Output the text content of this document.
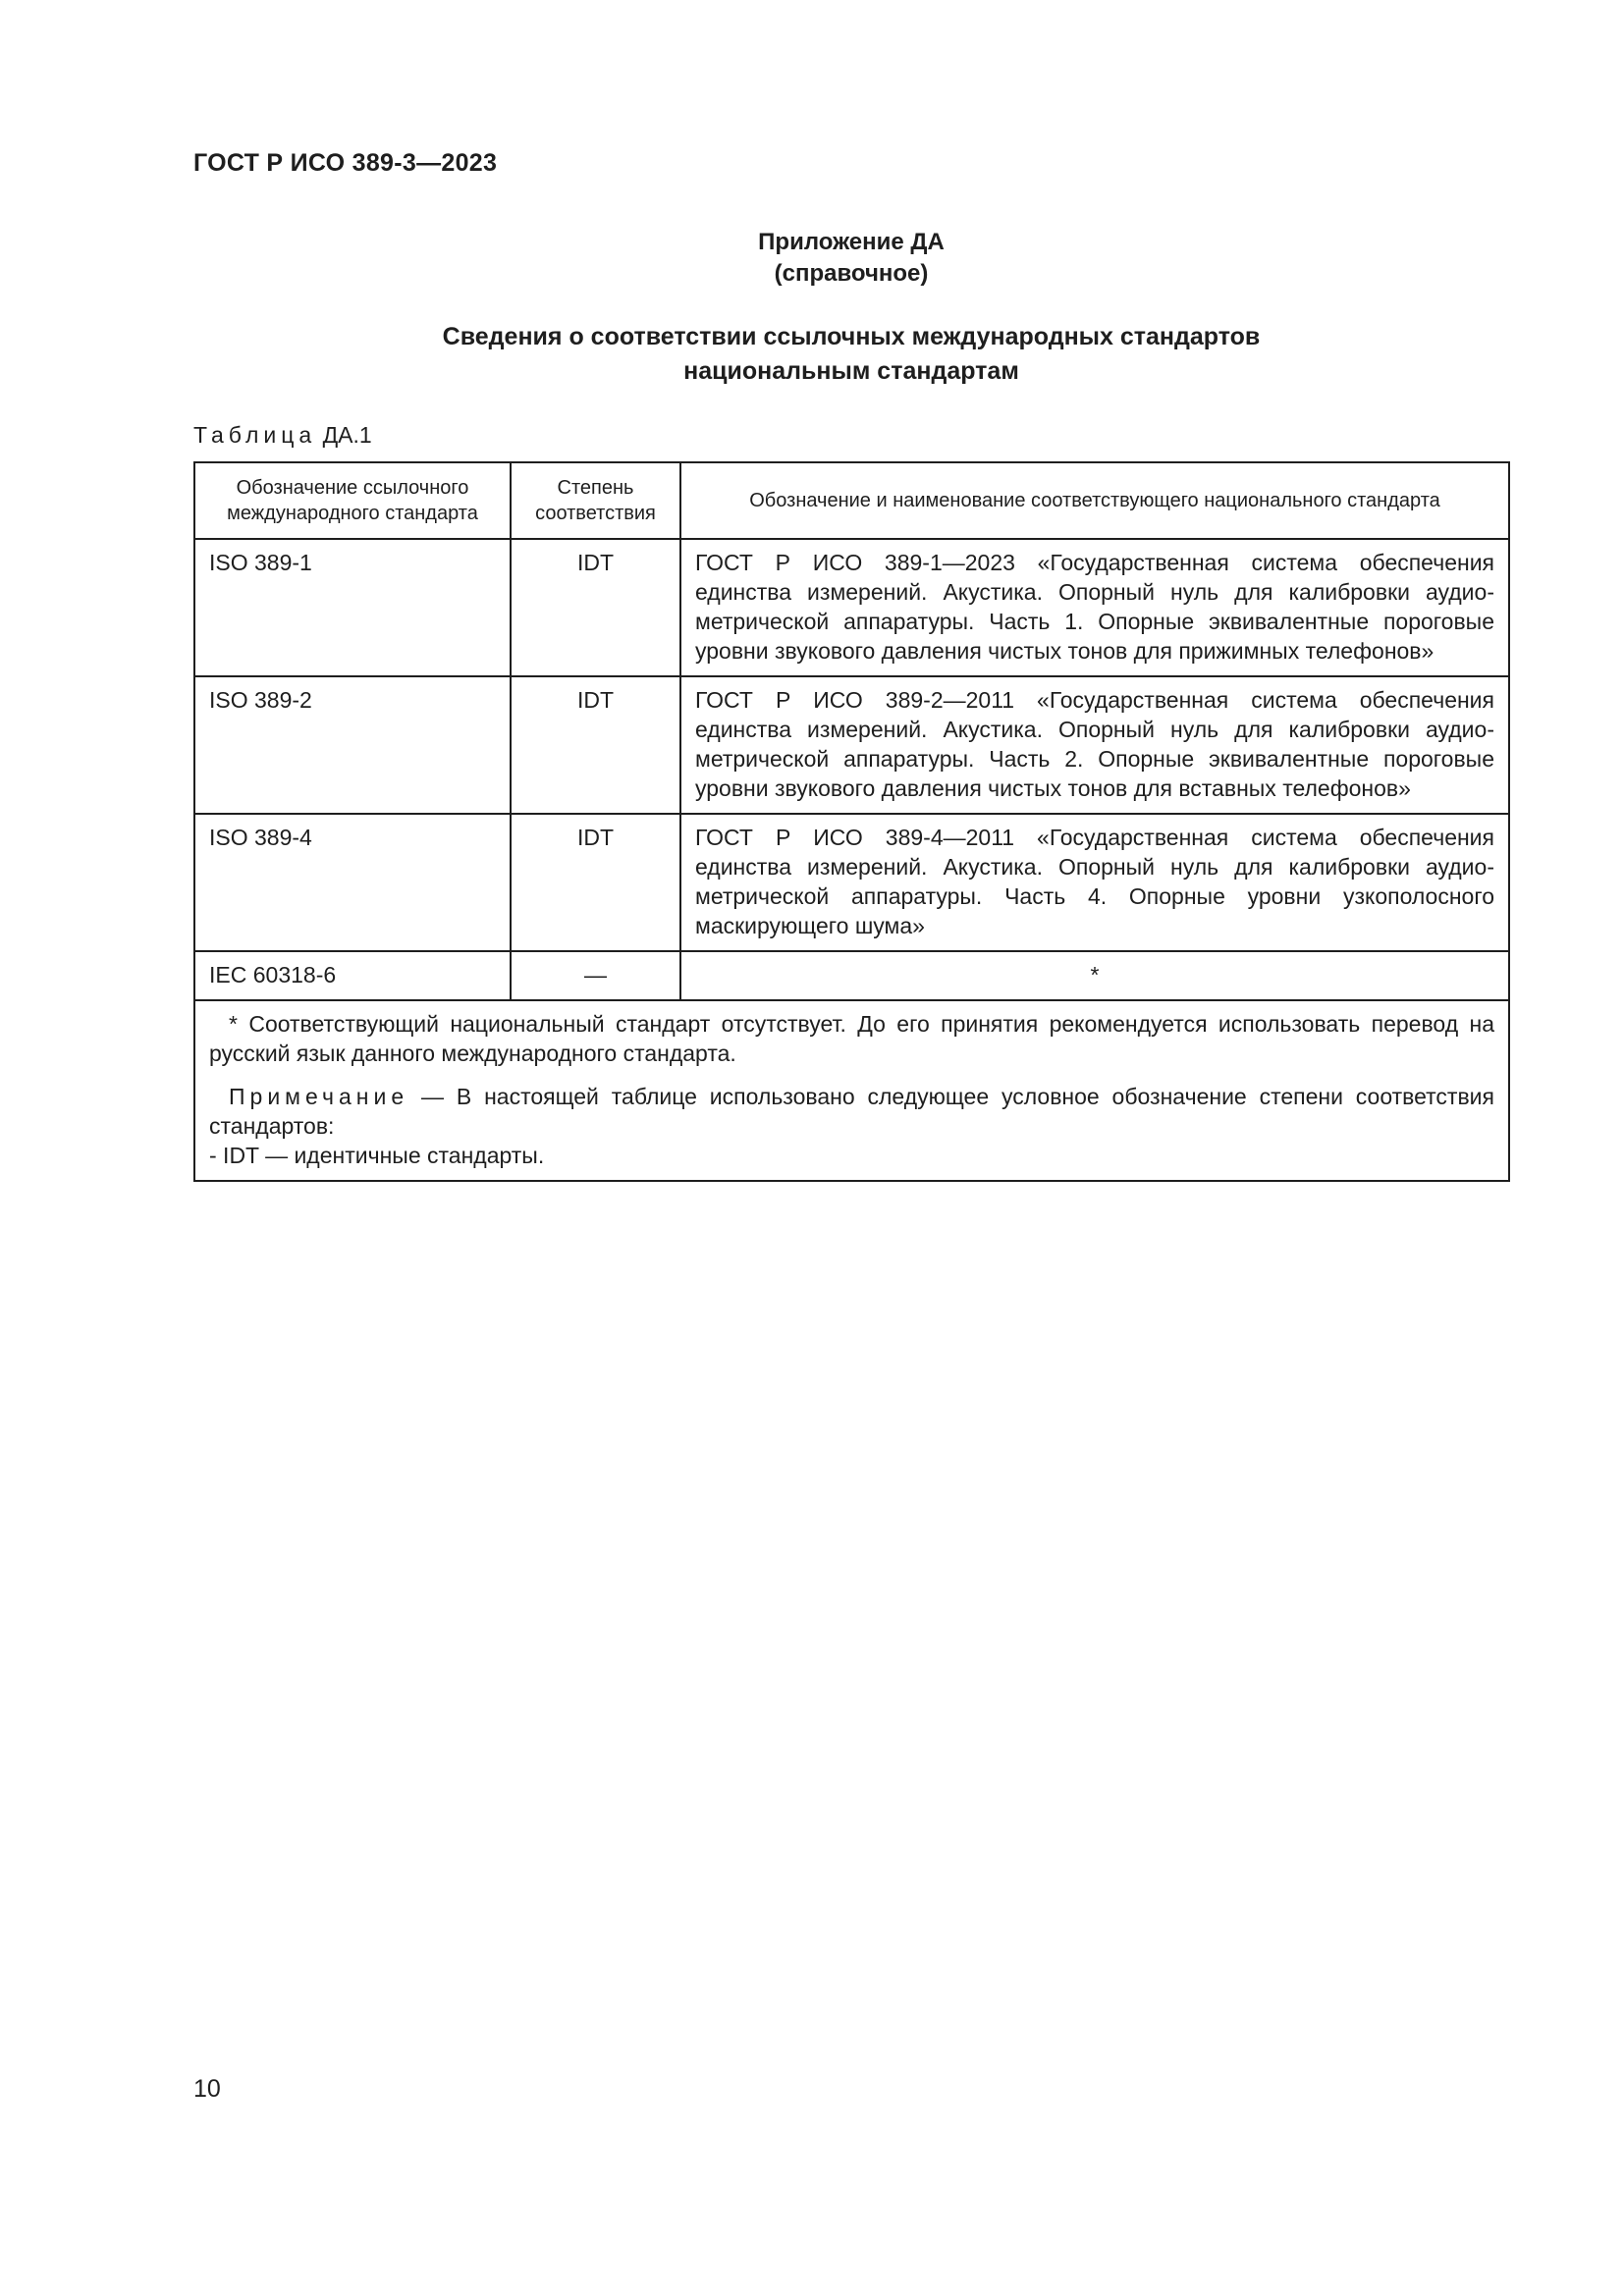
ГОСТ Р ИСО 389-3—2023

Приложение ДА

(справочное)

Сведения о соответствии ссылочных международных стандартов
национальным стандартам

Таблица ДА.1

Обозначение ссылочного международного стандарта	Степень соответствия	Обозначение и наименование соответствующего национального стандарта
ISO 389-1	IDT	ГОСТ Р ИСО 389-1—2023 «Государственная система обеспечения единства измерений. Акустика. Опорный нуль для калибровки аудиометрической аппаратуры. Часть 1. Опорные эквивалентные пороговые уровни звукового давления чистых тонов для прижимных телефонов»
ISO 389-2	IDT	ГОСТ Р ИСО 389-2—2011 «Государственная система обеспечения единства измерений. Акустика. Опорный нуль для калибровки аудиометрической аппаратуры. Часть 2. Опорные эквивалентные пороговые уровни звукового давления чистых тонов для вставных телефонов»
ISO 389-4	IDT	ГОСТ Р ИСО 389-4—2011 «Государственная система обеспечения единства измерений. Акустика. Опорный нуль для калибровки аудиометрической аппаратуры. Часть 4. Опорные уровни узкополосного маскирующего шума»
IEC 60318-6	—	*

* Соответствующий национальный стандарт отсутствует. До его принятия рекомендуется использовать перевод на русский язык данного международного стандарта.

Примечание — В настоящей таблице использовано следующее условное обозначение степени соответствия стандартов:

- IDT — идентичные стандарты.		

10
